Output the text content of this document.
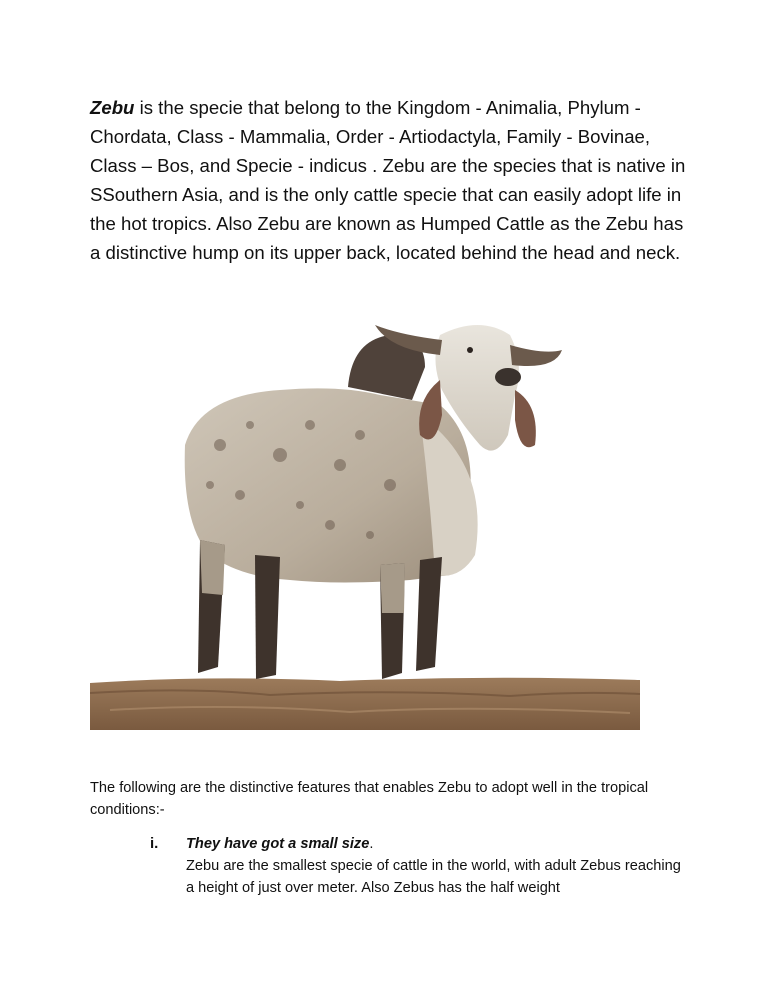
Zebu is the specie that belong to the Kingdom - Animalia, Phylum - Chordata, Class - Mammalia, Order - Artiodactyla, Family - Bovinae, Class – Bos, and Specie - indicus . Zebu are the species that is native in SSouthern Asia, and is the only cattle specie that can easily adopt life in the hot tropics. Also Zebu are known as Humped Cattle as the Zebu has a distinctive hump on its upper back, located behind the head and neck.

The following are the distinctive features that enables Zebu to adopt well in the tropical conditions:-

i. They have got a small size.
Zebu are the smallest specie of cattle in the world, with adult Zebus reaching a height of just over meter. Also Zebus has the half weight
